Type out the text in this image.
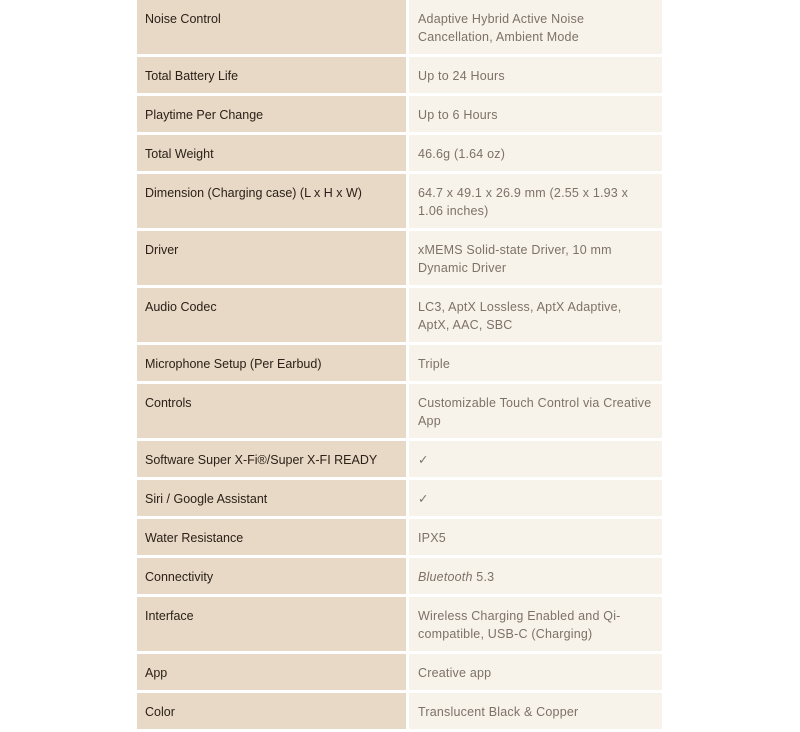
Noise Control	Adaptive Hybrid Active Noise Cancellation, Ambient Mode
Total Battery Life	Up to 24 Hours
Playtime Per Change	Up to 6 Hours
Total Weight	46.6g (1.64 oz)
Dimension (Charging case) (L x H x W)	64.7 x 49.1 x 26.9 mm (2.55 x 1.93 x 1.06 inches)
Driver	xMEMS Solid-state Driver, 10 mm Dynamic Driver
Audio Codec	LC3, AptX Lossless, AptX Adaptive, AptX, AAC, SBC
Microphone Setup (Per Earbud)	Triple
Controls	Customizable Touch Control via Creative App
Software Super X-Fi®/Super X-FI READY	✓
Siri / Google Assistant	✓
Water Resistance	IPX5
Connectivity	Bluetooth 5.3
Interface	Wireless Charging Enabled and Qi-compatible, USB-C (Charging)
App	Creative app
Color	Translucent Black & Copper
